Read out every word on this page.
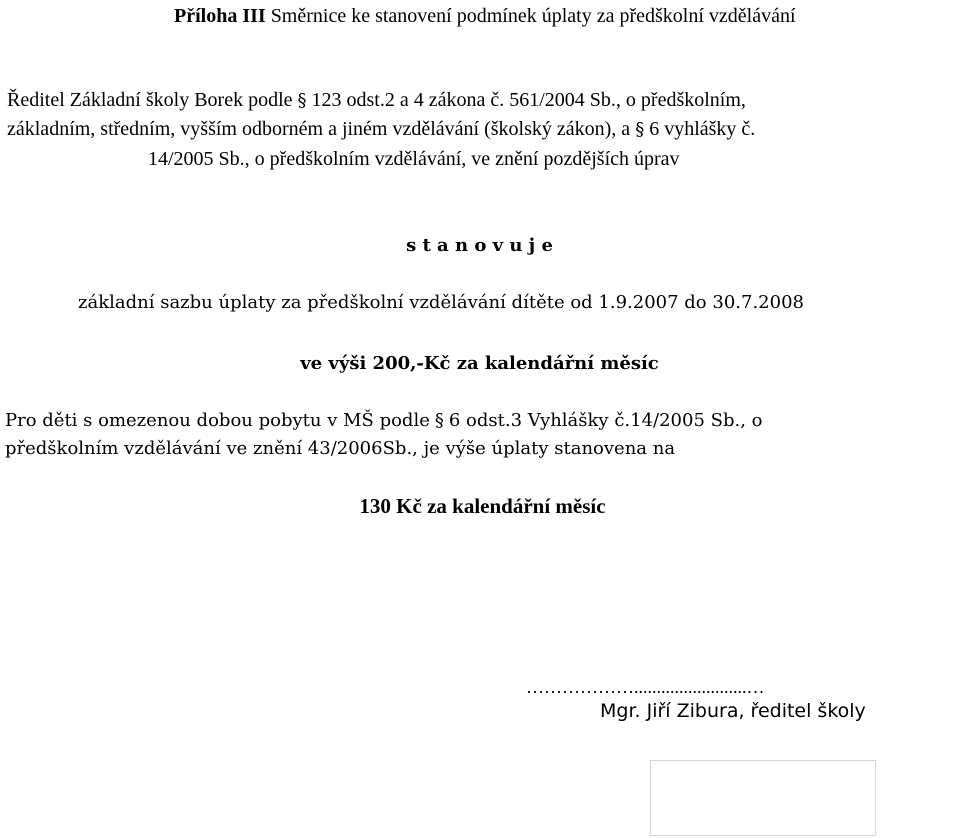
Příloha III Směrnice ke stanovení podmínek úplaty za předškolní vzdělávání
Ředitel Základní školy Borek podle § 123 odst.2 a 4 zákona č. 561/2004 Sb., o předškolním,
základním, středním, vyšším odborném a jiném vzdělávání (školský zákon), a § 6 vyhlášky č.
14/2005 Sb., o předškolním vzdělávání, ve znění pozdějších úprav
s t a n o v u j e
základní sazbu úplaty za předškolní vzdělávání dítěte od 1.9.2007 do 30.7.2008
ve výši 200,-Kč za kalendářní měsíc
Pro děti s omezenou dobou pobytu v MŠ podle § 6 odst.3 Vyhlášky č.14/2005 Sb., o
předškolním vzdělávání ve znění 43/2006Sb., je výše úplaty stanovena na
130 Kč za kalendářní měsíc
……………….........................…
Mgr. Jiří Zibura, ředitel školy
